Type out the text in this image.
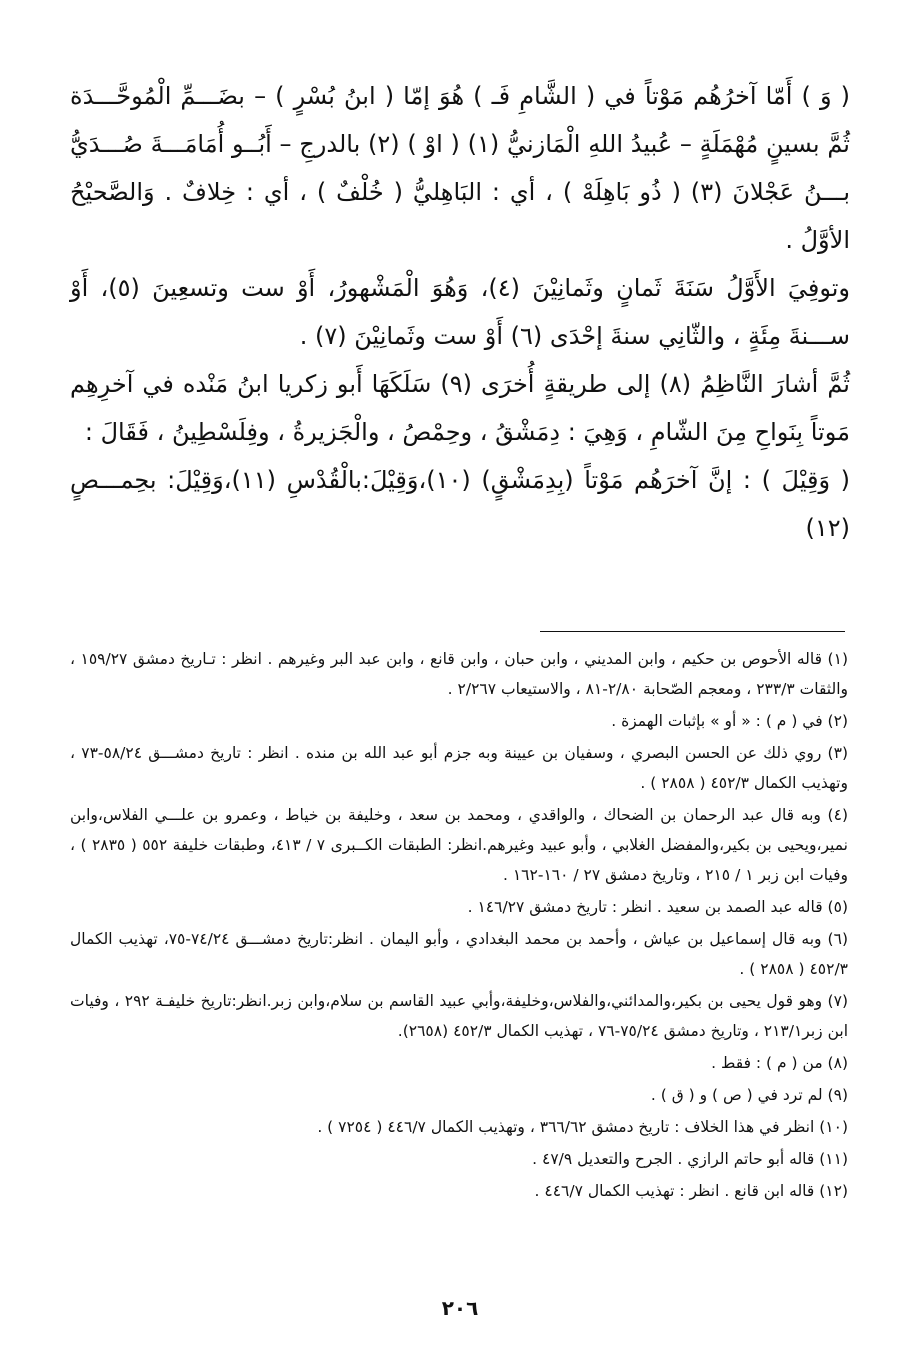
( وَ ) أَمّا آخرُهُم مَوْتاً في ( الشَّامِ فَـ ) هُوَ إمّا ( ابنُ بُسْرٍ ) – بضَـــمِّ الْمُوحَّـــدَة ثُمَّ بسينٍ مُهْمَلَةٍ – عُبيدُ اللهِ الْمَازنيُّ (١) ( اوْ ) (٢) بالدرجِ – أَبُــو أُمَامَـــةَ صُـــدَيُّ بـــنُ عَجْلانَ (٣) ( ذُو بَاهِلَهْ ) ، أي : البَاهِليُّ ( خُلْفٌ ) ، أي : خِلافٌ . وَالصَّحيْحُ الأوَّلُ .

وتوفِيَ الأَوَّلُ سَنَةَ ثَمانٍ وثَمانِيْنَ (٤)، وَهُوَ الْمَشْهورُ، أَوْ ست وتسعِينَ (٥)، أَوْ ســـنةَ مِئَةٍ ، والثّانِي سنةَ إحْدَى (٦) أَوْ ست وثَمانِيْنَ (٧) .

ثُمَّ أشارَ النَّاظِمُ (٨) إلى طريقةٍ أُخرَى (٩) سَلَكَهَا أَبو زكريا ابنُ مَنْده في آخرِهِم مَوتاً بِنَواحِ مِنَ الشّامِ ، وَهِيَ : دِمَشْقُ ، وحِمْصُ ، والْجَزيرةُ ، وفِلَسْطِينُ ، فَقَالَ :

( وَقِيْلَ ) : إنَّ آخرَهُم مَوْتاً (بِدِمَشْقٍ) (١٠)،وَقِيْلَ:بالْقُدْسِ (١١)،وَقِيْلَ: بحِمـــصٍ (١٢)

(١) قاله الأحوص بن حكيم ، وابن المديني ، وابن حبان ، وابن قانع ، وابن عبد البر وغيرهم . انظر : تـاريخ دمشق ١٥٩/٢٧ ، والثقات ٢٣٣/٣ ، ومعجم الصّحابة ٢/٨٠-٨١ ، والاستيعاب ٢/٢٦٧ .
(٢) في ( م ) : « أو » بإثبات الهمزة .
(٣) روي ذلك عن الحسن البصري ، وسفيان بن عيينة وبه جزم أبو عبد الله بن منده . انظر : تاريخ دمشـــق ٥٨/٢٤-٧٣ ، وتهذيب الكمال ٤٥٢/٣ ( ٢٨٥٨ ) .
(٤) وبه قال عبد الرحمان بن الضحاك ، والواقدي ، ومحمد بن سعد ، وخليفة بن خياط ، وعمرو بن علـــي الفلاس،وابن نمير،ويحيى بن بكير،والمفضل الغلابي ، وأبو عبيد وغيرهم.انظر: الطبقات الكــبرى ٧ / ٤١٣، وطبقات خليفة ٥٥٢ ( ٢٨٣٥ ) ، وفيات ابن زبر ١ / ٢١٥ ، وتاريخ دمشق ٢٧ / ١٦٠-١٦٢ .
(٥) قاله عبد الصمد بن سعيد . انظر : تاريخ دمشق ١٤٦/٢٧ .
(٦) وبه قال إسماعيل بن عياش ، وأحمد بن محمد البغدادي ، وأبو اليمان . انظر:تاريخ دمشـــق ٧٤/٢٤-٧٥، تهذيب الكمال ٤٥٢/٣ ( ٢٨٥٨ ) .
(٧) وهو قول يحيى بن بكير،والمدائني،والفلاس،وخليفة،وأبي عبيد القاسم بن سلام،وابن زبر.انظر:تاريخ خليفـة ٢٩٢ ، وفيات ابن زبر٢١٣/١ ، وتاريخ دمشق ٧٥/٢٤-٧٦ ، تهذيب الكمال ٤٥٢/٣ (٢٦٥٨).
(٨) من ( م ) : فقط .
(٩) لم ترد في ( ص ) و ( ق ) .
(١٠) انظر في هذا الخلاف : تاريخ دمشق ٣٦٦/٦٢ ، وتهذيب الكمال ٤٤٦/٧ ( ٧٢٥٤ ) .
(١١) قاله أبو حاتم الرازي . الجرح والتعديل ٤٧/٩ .
(١٢) قاله ابن قانع . انظر : تهذيب الكمال ٤٤٦/٧ .
٢٠٦
